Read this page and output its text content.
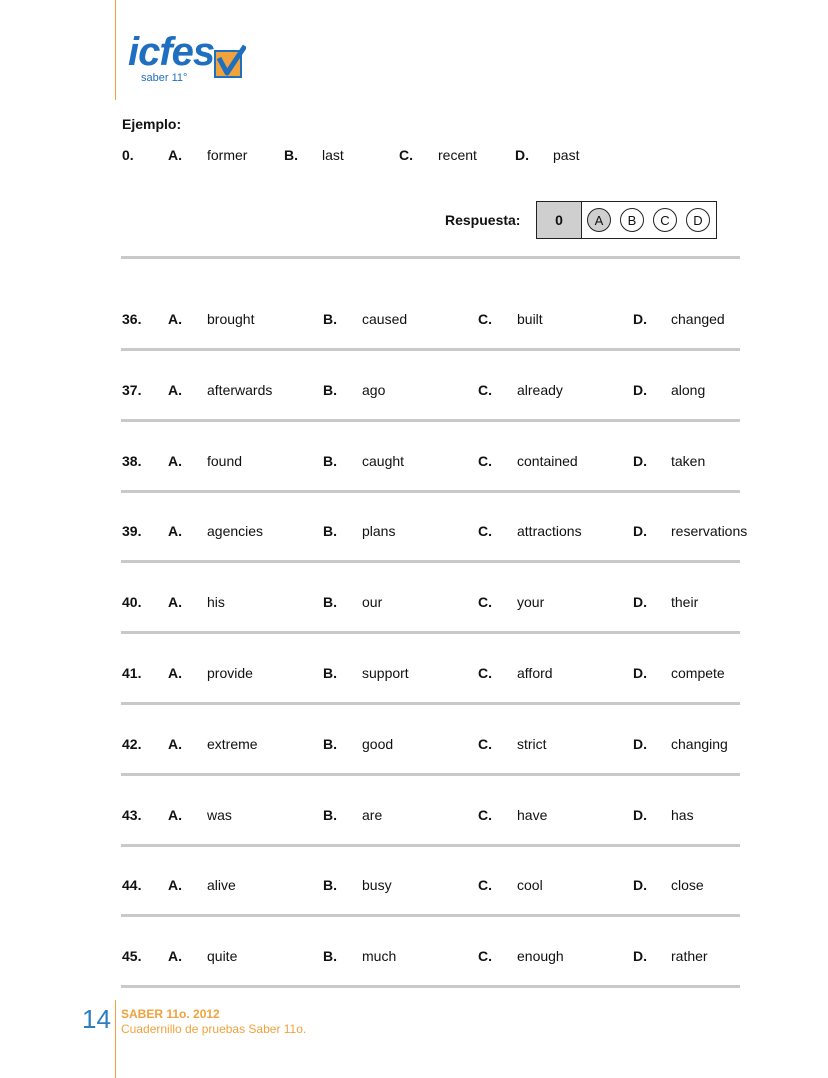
icfes
saber 11°
Ejemplo:
0. A. former	B. last	C. recent	D. past
Respuesta:	0	A	B	C	D
36. A. brought	B. caused	C. built	D. changed
37. A. afterwards	B. ago	C. already	D. along
38. A. found	B. caught	C. contained	D. taken
39. A. agencies	B. plans	C. attractions	D. reservations
40. A. his	B. our	C. your	D. their
41. A. provide	B. support	C. afford	D. compete
42. A. extreme	B. good	C. strict	D. changing
43. A. was	B. are	C. have	D. has
44. A. alive	B. busy	C. cool	D. close
45. A. quite	B. much	C. enough	D. rather
14 SABER 11o. 2012
Cuadernillo de pruebas Saber 11o.
